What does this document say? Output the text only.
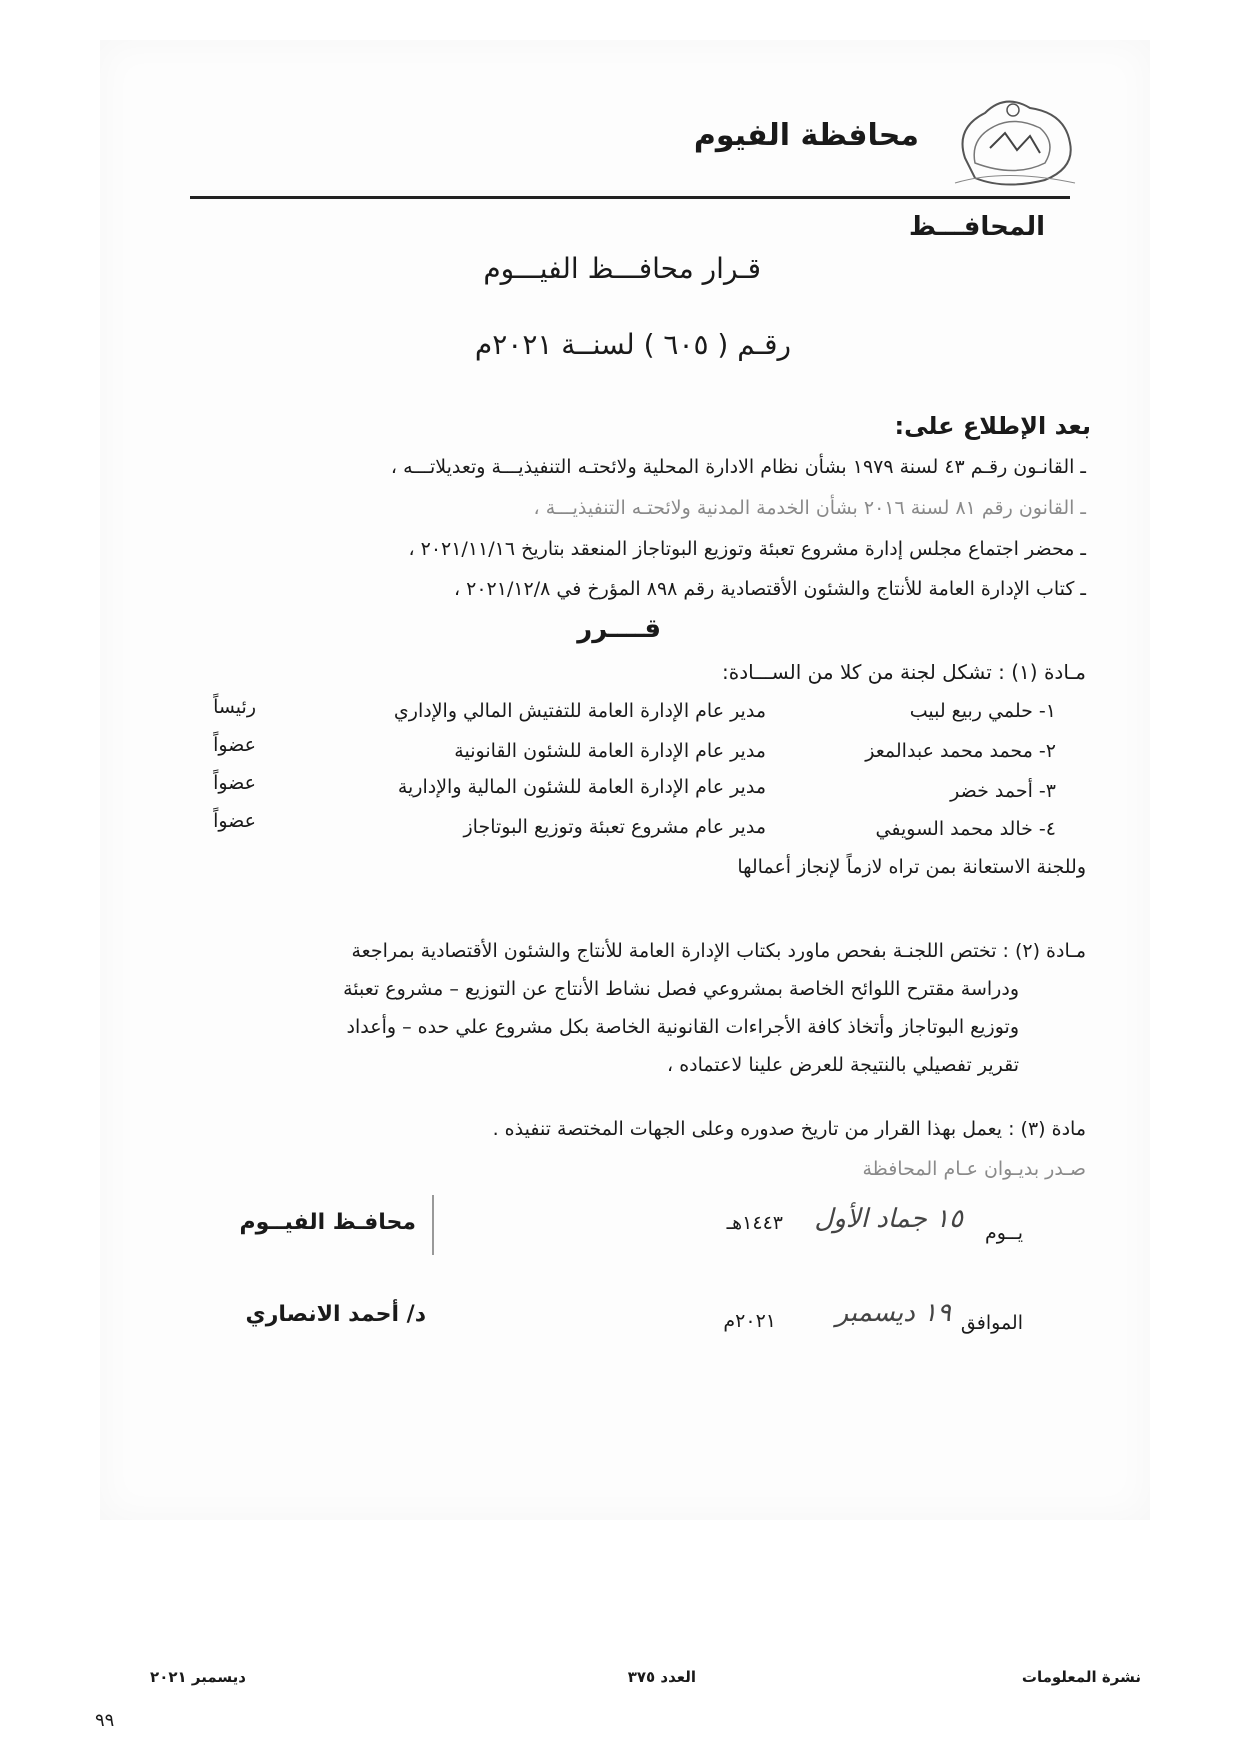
محافظة الفيوم
المحافـــظ
قـرار محافـــظ الفيـــوم
رقـم ( ٦٠٥ ) لسنــة ٢٠٢١م
بعد الإطلاع على:
ـ القانـون رقـم ٤٣ لسنة ١٩٧٩ بشأن نظام الادارة المحلية ولائحتـه التنفيذيـــة وتعديلاتـــه ،
ـ القانون رقم ٨١ لسنة ٢٠١٦ بشأن الخدمة المدنية ولائحتـه التنفيذيـــة ،
ـ محضر اجتماع مجلس إدارة مشروع تعبئة وتوزيع البوتاجاز المنعقد بتاريخ ٢٠٢١/١١/١٦ ،
ـ كتاب الإدارة العامة للأنتاج والشئون الأقتصادية رقم ٨٩٨ المؤرخ في ٢٠٢١/١٢/٨ ،
قــــرر
مـادة (١) : تشكل لجنة من كلا من الســـادة:
١- حلمي ربيع لبيب
مدير عام الإدارة العامة للتفتيش المالي والإداري
رئيساً
٢- محمد محمد عبدالمعز
مدير عام الإدارة العامة للشئون القانونية
عضواً
٣- أحمد خضر
مدير عام الإدارة العامة للشئون المالية والإدارية
عضواً
٤- خالد محمد السويفي
مدير عام مشروع تعبئة وتوزيع البوتاجاز
عضواً
وللجنة الاستعانة بمن تراه لازماً لإنجاز أعمالها
مـادة (٢) : تختص اللجنـة بفحص ماورد بكتاب الإدارة العامة للأنتاج والشئون الأقتصادية بمراجعة
ودراسة مقترح اللوائح الخاصة بمشروعي فصل نشاط الأنتاج عن التوزيع – مشروع تعبئة
وتوزيع البوتاجاز وأتخاذ كافة الأجراءات القانونية الخاصة بكل مشروع علي حده – وأعداد
تقرير تفصيلي بالنتيجة للعرض علينا لاعتماده ،
مادة (٣) : يعمل بهذا القرار من تاريخ صدوره وعلى الجهات المختصة تنفيذه .
صـدر بديـوان عـام المحافظة
محافـظ الفيــوم
د/ أحمد الانصاري
يــوم
١٥ جماد الأول
١٤٤٣هـ
الموافق
١٩ ديسمبر
٢٠٢١م
نشرة المعلومات
العدد ٣٧٥
ديسمبر ٢٠٢١
٩٩
